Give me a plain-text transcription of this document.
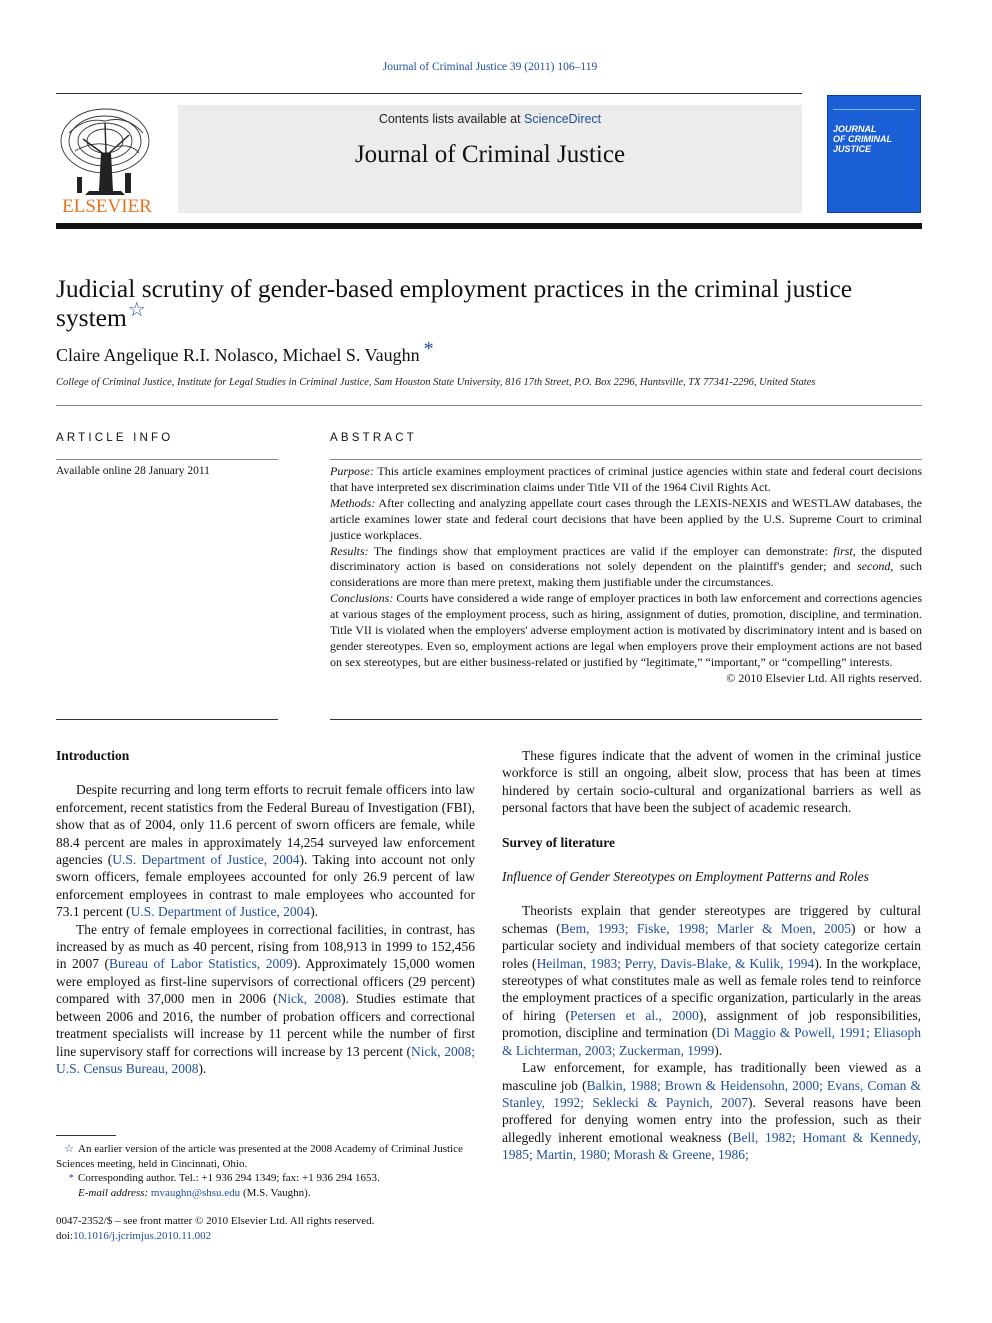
Journal of Criminal Justice 39 (2011) 106–119
ELSEVIER
Contents lists available at ScienceDirect
Journal of Criminal Justice
JOURNAL
OF CRIMINAL
JUSTICE
Judicial scrutiny of gender-based employment practices in the criminal justice system☆
Claire Angelique R.I. Nolasco, Michael S. Vaughn *
College of Criminal Justice, Institute for Legal Studies in Criminal Justice, Sam Houston State University, 816 17th Street, P.O. Box 2296, Huntsville, TX 77341-2296, United States
ARTICLE INFO	ABSTRACT
Available online 28 January 2011	Purpose: This article examines employment practices of criminal justice agencies within state and federal court decisions that have interpreted sex discrimination claims under Title VII of the 1964 Civil Rights Act.

Methods: After collecting and analyzing appellate court cases through the LEXIS-NEXIS and WESTLAW databases, the article examines lower state and federal court decisions that have been applied by the U.S. Supreme Court to criminal justice workplaces.

Results: The findings show that employment practices are valid if the employer can demonstrate: first, the disputed discriminatory action is based on considerations not solely dependent on the plaintiff's gender; and second, such considerations are more than mere pretext, making them justifiable under the circumstances.

Conclusions: Courts have considered a wide range of employer practices in both law enforcement and corrections agencies at various stages of the employment process, such as hiring, assignment of duties, promotion, discipline, and termination. Title VII is violated when the employers' adverse employment action is motivated by discriminatory intent and is based on gender stereotypes. Even so, employment actions are legal when employers prove their employment actions are not based on sex stereotypes, but are either business-related or justified by “legitimate,” “important,” or “compelling” interests.

© 2010 Elsevier Ltd. All rights reserved.

Introduction

Despite recurring and long term efforts to recruit female officers into law enforcement, recent statistics from the Federal Bureau of Investigation (FBI), show that as of 2004, only 11.6 percent of sworn officers are female, while 88.4 percent are males in approximately 14,254 surveyed law enforcement agencies (U.S. Department of Justice, 2004). Taking into account not only sworn officers, female employees accounted for only 26.9 percent of law enforcement employees in contrast to male employees who accounted for 73.1 percent (U.S. Department of Justice, 2004).

The entry of female employees in correctional facilities, in contrast, has increased by as much as 40 percent, rising from 108,913 in 1999 to 152,456 in 2007 (Bureau of Labor Statistics, 2009). Approximately 15,000 women were employed as first-line supervisors of correctional officers (29 percent) compared with 37,000 men in 2006 (Nick, 2008). Studies estimate that between 2006 and 2016, the number of probation officers and correctional treatment specialists will increase by 11 percent while the number of first line supervisory staff for corrections will increase by 13 percent (Nick, 2008; U.S. Census Bureau, 2008).

These figures indicate that the advent of women in the criminal justice workforce is still an ongoing, albeit slow, process that has been at times hindered by certain socio-cultural and organizational barriers as well as personal factors that have been the subject of academic research.

Survey of literature
Influence of Gender Stereotypes on Employment Patterns and Roles

Theorists explain that gender stereotypes are triggered by cultural schemas (Bem, 1993; Fiske, 1998; Marler & Moen, 2005) or how a particular society and individual members of that society categorize certain roles (Heilman, 1983; Perry, Davis-Blake, & Kulik, 1994). In the workplace, stereotypes of what constitutes male as well as female roles tend to reinforce the employment practices of a specific organization, particularly in the areas of hiring (Petersen et al., 2000), assignment of job responsibilities, promotion, discipline and termination (Di Maggio & Powell, 1991; Eliasoph & Lichterman, 2003; Zuckerman, 1999).

Law enforcement, for example, has traditionally been viewed as a masculine job (Balkin, 1988; Brown & Heidensohn, 2000; Evans, Coman & Stanley, 1992; Seklecki & Paynich, 2007). Several reasons have been proffered for denying women entry into the profession, such as their allegedly inherent emotional weakness (Bell, 1982; Homant & Kennedy, 1985; Martin, 1980; Morash & Greene, 1986;

☆ An earlier version of the article was presented at the 2008 Academy of Criminal Justice Sciences meeting, held in Cincinnati, Ohio.

* Corresponding author. Tel.: +1 936 294 1349; fax: +1 936 294 1653.

E-mail address: mvaughn@shsu.edu (M.S. Vaughn).

0047-2352/$ – see front matter © 2010 Elsevier Ltd. All rights reserved.

doi:10.1016/j.jcrimjus.2010.11.002
